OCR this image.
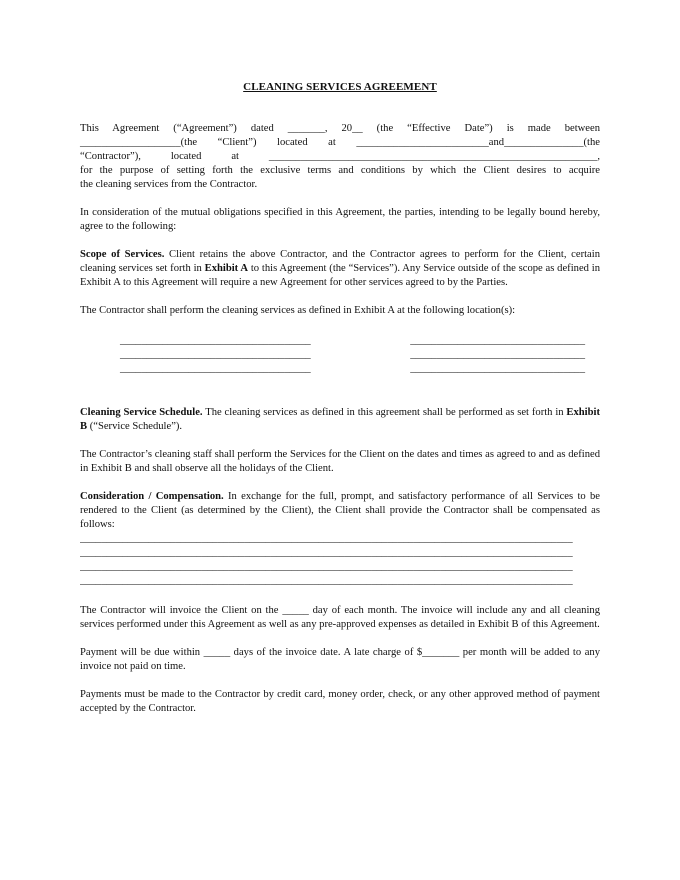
CLEANING SERVICES AGREEMENT

This Agreement (“Agreement”) dated _______, 20__ (the “Effective Date”) is made between
___________________(the “Client”) located at _________________________and_______________(the
“Contractor”), located at ______________________________________________________________,
for the purpose of setting forth the exclusive terms and conditions by which the Client desires to acquire
the cleaning services from the Contractor.

In consideration of the mutual obligations specified in this Agreement, the parties, intending to be legally bound hereby, agree to the following:

Scope of Services. Client retains the above Contractor, and the Contractor agrees to perform for the Client, certain cleaning services set forth in Exhibit A to this Agreement (the “Services”). Any Service outside of the scope as defined in Exhibit A to this Agreement will require a new Agreement for other services agreed to by the Parties.

The Contractor shall perform the cleaning services as defined in Exhibit A at the following location(s):

____________________________________
____________________________________
____________________________________
_________________________________
_________________________________
_________________________________

Cleaning Service Schedule. The cleaning services as defined in this agreement shall be performed as set forth in Exhibit B (“Service Schedule”).

The Contractor’s cleaning staff shall perform the Services for the Client on the dates and times as agreed to and as defined in Exhibit B and shall observe all the holidays of the Client.

Consideration / Compensation. In exchange for the full, prompt, and satisfactory performance of all Services to be rendered to the Client (as determined by the Client), the Client shall provide the Contractor shall be compensated as follows:

_____________________________________________________________________________________________
_____________________________________________________________________________________________
_____________________________________________________________________________________________
_____________________________________________________________________________________________

The Contractor will invoice the Client on the _____ day of each month. The invoice will include any and all cleaning services performed under this Agreement as well as any pre-approved expenses as detailed in Exhibit B of this Agreement.

Payment will be due within _____ days of the invoice date. A late charge of $_______ per month will be added to any invoice not paid on time.

Payments must be made to the Contractor by credit card, money order, check, or any other approved method of payment accepted by the Contractor.
